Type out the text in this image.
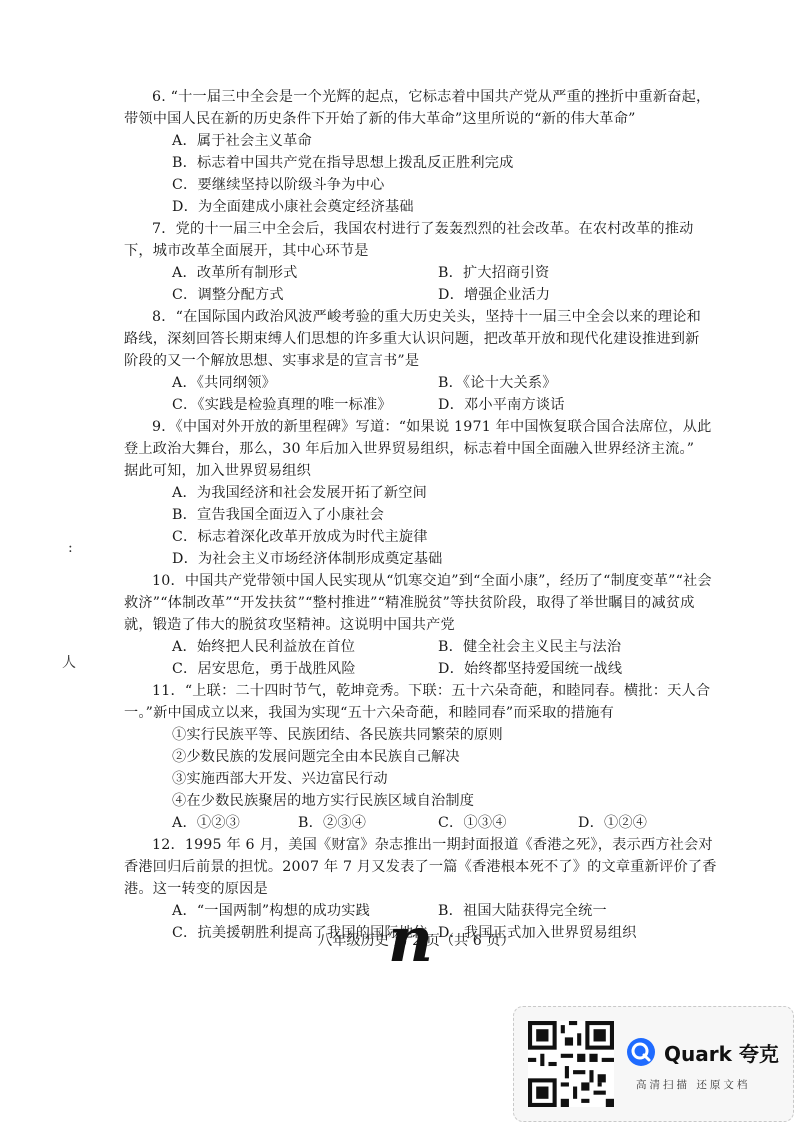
6. “十一届三中全会是一个光辉的起点，它标志着中国共产党从严重的挫折中重新奋起，
带领中国人民在新的历史条件下开始了新的伟大革命”这里所说的“新的伟大革命”
A．属于社会主义革命
B．标志着中国共产党在指导思想上拨乱反正胜利完成
C．要继续坚持以阶级斗争为中心
D．为全面建成小康社会奠定经济基础
7．党的十一届三中全会后，我国农村进行了轰轰烈烈的社会改革。在农村改革的推动
下，城市改革全面展开，其中心环节是
A．改革所有制形式	B．扩大招商引资
C．调整分配方式	D．增强企业活力
8．“在国际国内政治风波严峻考验的重大历史关头，坚持十一届三中全会以来的理论和
路线，深刻回答长期束缚人们思想的许多重大认识问题，把改革开放和现代化建设推进到新
阶段的又一个解放思想、实事求是的宣言书”是
A．《共同纲领》	B．《论十大关系》
C．《实践是检验真理的唯一标准》	D．邓小平南方谈话
9．《中国对外开放的新里程碑》写道：“如果说 1971 年中国恢复联合国合法席位，从此
登上政治大舞台，那么，30 年后加入世界贸易组织，标志着中国全面融入世界经济主流。”
据此可知，加入世界贸易组织
A．为我国经济和社会发展开拓了新空间
B．宣告我国全面迈入了小康社会
C．标志着深化改革开放成为时代主旋律
D．为社会主义市场经济体制形成奠定基础
10．中国共产党带领中国人民实现从“饥寒交迫”到“全面小康”，经历了“制度变革”“社会
救济”“体制改革”“开发扶贫”“整村推进”“精准脱贫”等扶贫阶段，取得了举世瞩目的减贫成
就，锻造了伟大的脱贫攻坚精神。这说明中国共产党
A．始终把人民利益放在首位	B．健全社会主义民主与法治
C．居安思危，勇于战胜风险	D．始终都坚持爱国统一战线
11．“上联：二十四时节气，乾坤竞秀。下联：五十六朵奇葩，和睦同春。横批：天人合
一。”新中国成立以来，我国为实现“五十六朵奇葩，和睦同春”而采取的措施有
①实行民族平等、民族团结、各民族共同繁荣的原则
②少数民族的发展问题完全由本民族自己解决
③实施西部大开发、兴边富民行动
④在少数民族聚居的地方实行民族区域自治制度
A．①②③	B．②③④	C．①③④	D．①②④
12．1995 年 6 月，美国《财富》杂志推出一期封面报道《香港之死》，表示西方社会对
香港回归后前景的担忧。2007 年 7 月又发表了一篇《香港根本死不了》的文章重新评价了香
港。这一转变的原因是
A．“一国两制”构想的成功实践	B．祖国大陆获得完全统一
C．抗美援朝胜利提高了我国的国际地位 D．我国正式加入世界贸易组织
:
人
八年级历史 第 2 页（共 6 页）
n
Quark 夸克
高清扫描 还原文档
